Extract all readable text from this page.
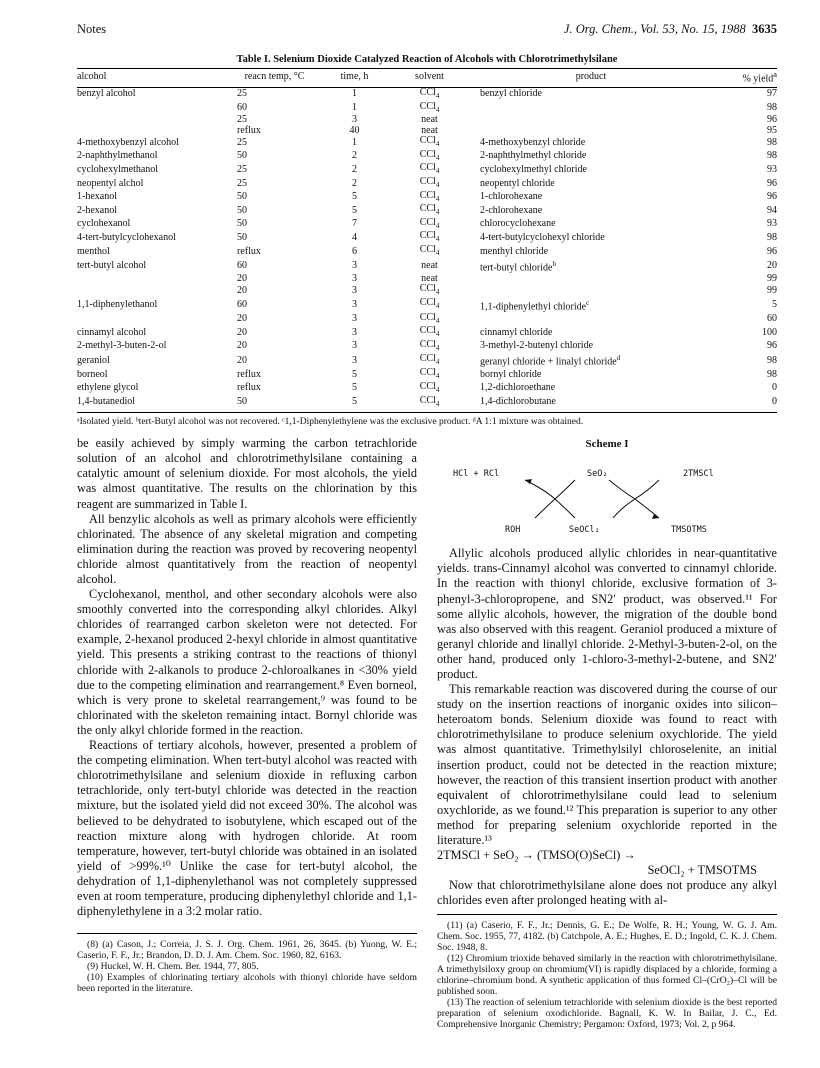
Notes	J. Org. Chem., Vol. 53, No. 15, 1988 3635
Table I. Selenium Dioxide Catalyzed Reaction of Alcohols with Chlorotrimethylsilane
alcohol	reacn temp, °C	time, h	solvent	product	% yield$^a$
benzyl alcohol	25	1	CCl$_4$	benzyl chloride	97
	60	1	CCl$_4$		98
	25	3	neat		96
	reflux	40	neat		95
4-methoxybenzyl alcohol	25	1	CCl$_4$	4-methoxybenzyl chloride	98
2-naphthylmethanol	50	2	CCl$_4$	2-naphthylmethyl chloride	98
cyclohexylmethanol	25	2	CCl$_4$	cyclohexylmethyl chloride	93
neopentyl alchol	25	2	CCl$_4$	neopentyl chloride	96
1-hexanol	50	5	CCl$_4$	1-chlorohexane	96
2-hexanol	50	5	CCl$_4$	2-chlorohexane	94
cyclohexanol	50	7	CCl$_4$	chlorocyclohexane	93
4-tert-butylcyclohexanol	50	4	CCl$_4$	4-tert-butylcyclohexyl chloride	98
menthol	reflux	6	CCl$_4$	menthyl chloride	96
tert-butyl alcohol	60	3	neat	tert-butyl chloride$^b$	20
	20	3	neat		99
	20	3	CCl$_4$		99
1,1-diphenylethanol	60	3	CCl$_4$	1,1-diphenylethyl chloride$^c$	5
	20	3	CCl$_4$		60
cinnamyl alcohol	20	3	CCl$_4$	cinnamyl chloride	100
2-methyl-3-buten-2-ol	20	3	CCl$_4$	3-methyl-2-butenyl chloride	96
geraniol	20	3	CCl$_4$	geranyl chloride + linalyl chloride$^d$	98
borneol	reflux	5	CCl$_4$	bornyl chloride	98
ethylene glycol	reflux	5	CCl$_4$	1,2-dichloroethane	0
1,4-butanediol	50	5	CCl$_4$	1,4-dichlorobutane	0
ᵃIsolated yield. ᵇtert-Butyl alcohol was not recovered. ᶜ1,1-Diphenylethylene was the exclusive product. ᵈA 1:1 mixture was obtained.

be easily achieved by simply warming the carbon tetrachloride solution of an alcohol and chlorotrimethylsilane containing a catalytic amount of selenium dioxide. For most alcohols, the yield was almost quantitative. The results on the chlorination by this reagent are summarized in Table I.

All benzylic alcohols as well as primary alcohols were efficiently chlorinated. The absence of any skeletal migration and competing elimination during the reaction was proved by recovering neopentyl chloride almost quantitatively from the reaction of neopentyl alcohol.

Cyclohexanol, menthol, and other secondary alcohols were also smoothly converted into the corresponding alkyl chlorides. Alkyl chlorides of rearranged carbon skeleton were not detected. For example, 2-hexanol produced 2-hexyl chloride in almost quantitative yield. This presents a striking contrast to the reactions of thionyl chloride with 2-alkanols to produce 2-chloroalkanes in <30% yield due to the competing elimination and rearrangement.⁸ Even borneol, which is very prone to skeletal rearrangement,⁹ was found to be chlorinated with the skeleton remaining intact. Bornyl chloride was the only alkyl chloride formed in the reaction.

Reactions of tertiary alcohols, however, presented a problem of the competing elimination. When tert-butyl alcohol was reacted with chlorotrimethylsilane and selenium dioxide in refluxing carbon tetrachloride, only tert-butyl chloride was detected in the reaction mixture, but the isolated yield did not exceed 30%. The alcohol was believed to be dehydrated to isobutylene, which escaped out of the reaction mixture along with hydrogen chloride. At room temperature, however, tert-butyl chloride was obtained in an isolated yield of >99%.¹⁰ Unlike the case for tert-butyl alcohol, the dehydration of 1,1-diphenylethanol was not completely suppressed even at room temperature, producing diphenylethyl chloride and 1,1-diphenylethylene in a 3:2 molar ratio.

(8) (a) Cason, J.; Correia, J. S. J. Org. Chem. 1961, 26, 3645. (b) Yuong, W. E.; Caserio, F. F., Jr.; Brandon, D. D. J. Am. Chem. Soc. 1960, 82, 6163.

(9) Huckel, W. H. Chem. Ber. 1944, 77, 805.

(10) Examples of chlorinating tertiary alcohols with thionyl chloride have seldom been reported in the literature.

Scheme I
HCl + RCl	SeO₂	2TMSCl
ROH	SeOCl₂	TMSOTMS

Allylic alcohols produced allylic chlorides in near-quantitative yields. trans-Cinnamyl alcohol was converted to cinnamyl chloride. In the reaction with thionyl chloride, exclusive formation of 3-phenyl-3-chloropropene, and SN2′ product, was observed.¹¹ For some allylic alcohols, however, the migration of the double bond was also observed with this reagent. Geraniol produced a mixture of geranyl chloride and linallyl chloride. 2-Methyl-3-buten-2-ol, on the other hand, produced only 1-chloro-3-methyl-2-butene, and SN2′ product.

This remarkable reaction was discovered during the course of our study on the insertion reactions of inorganic oxides into silicon–heteroatom bonds. Selenium dioxide was found to react with chlorotrimethylsilane to produce selenium oxychloride. The yield was almost quantitative. Trimethylsilyl chloroselenite, an initial insertion product, could not be detected in the reaction mixture; however, the reaction of this transient insertion product with another equivalent of chlorotrimethylsilane could lead to selenium oxychloride, as we found.¹² This preparation is superior to any other method for preparing selenium oxychloride reported in the literature.¹³

2TMSCl + SeO₂ → (TMSO(O)SeCl) →
SeOCl₂ + TMSOTMS

Now that chlorotrimethylsilane alone does not produce any alkyl chlorides even after prolonged heating with al-

(11) (a) Caserio, F. F., Jr.; Dennis, G. E.; De Wolfe, R. H.; Young, W. G. J. Am. Chem. Soc. 1955, 77, 4182. (b) Catchpole, A. E.; Hughes, E. D.; Ingold, C. K. J. Chem. Soc. 1948, 8.

(12) Chromium trioxide behaved similarly in the reaction with chlorotrimethylsilane. A trimethylsiloxy group on chromium(VI) is rapidly displaced by a chloride, forming a chlorine–chromium bond. A synthetic application of thus formed Cl–(CrO₂)–Cl will be published soon.

(13) The reaction of selenium tetrachloride with selenium dioxide is the best reported preparation of selenium oxodichloride. Bagnall, K. W. In Bailar, J. C., Ed. Comprehensive Inorganic Chemistry; Pergamon: Oxford, 1973; Vol. 2, p 964.
